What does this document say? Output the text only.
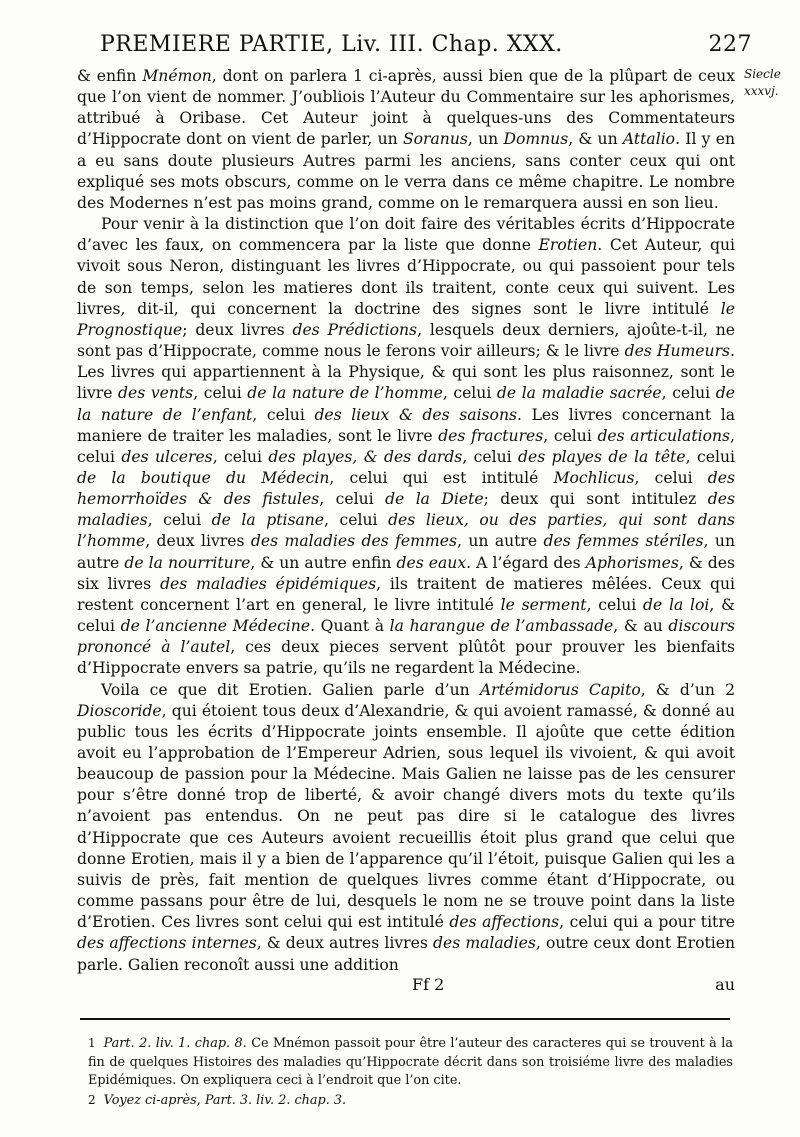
PREMIERE PARTIE, Liv. III. Chap. XXX.	227
Siecle
xxxvj.

& enfin Mnémon, dont on parlera 1 ci-après, aussi bien que de la plûpart de ceux que l’on vient de nommer. J’oubliois l’Auteur du Commentaire sur les aphorismes, attribué à Oribase. Cet Auteur joint à quelques-uns des Commentateurs d’Hippocrate dont on vient de parler, un Soranus, un Domnus, & un Attalio. Il y en a eu sans doute plusieurs Autres parmi les anciens, sans conter ceux qui ont expliqué ses mots obscurs, comme on le verra dans ce même chapitre. Le nombre des Modernes n’est pas moins grand, comme on le remarquera aussi en son lieu.

Pour venir à la distinction que l’on doit faire des véritables écrits d’Hippocrate d’avec les faux, on commencera par la liste que donne Erotien. Cet Auteur, qui vivoit sous Neron, distinguant les livres d’Hippocrate, ou qui passoient pour tels de son temps, selon les matieres dont ils traitent, conte ceux qui suivent. Les livres, dit-il, qui concernent la doctrine des signes sont le livre intitulé le Prognostique; deux livres des Prédictions, lesquels deux derniers, ajoûte-t-il, ne sont pas d’Hippocrate, comme nous le ferons voir ailleurs; & le livre des Humeurs. Les livres qui appartiennent à la Physique, & qui sont les plus raisonnez, sont le livre des vents, celui de la nature de l’homme, celui de la maladie sacrée, celui de la nature de l’enfant, celui des lieux & des saisons. Les livres concernant la maniere de traiter les maladies, sont le livre des fractures, celui des articulations, celui des ulceres, celui des playes, & des dards, celui des playes de la tête, celui de la boutique du Médecin, celui qui est intitulé Mochlicus, celui des hemorrhoïdes & des fistules, celui de la Diete; deux qui sont intitulez des maladies, celui de la ptisane, celui des lieux, ou des parties, qui sont dans l’homme, deux livres des maladies des femmes, un autre des femmes stériles, un autre de la nourriture, & un autre enfin des eaux. A l’égard des Aphorismes, & des six livres des maladies épidémiques, ils traitent de matieres mêlées. Ceux qui restent concernent l’art en general, le livre intitulé le serment, celui de la loi, & celui de l’ancienne Médecine. Quant à la harangue de l’ambassade, & au discours prononcé à l’autel, ces deux pieces servent plûtôt pour prouver les bienfaits d’Hippocrate envers sa patrie, qu’ils ne regardent la Médecine.

Voila ce que dit Erotien. Galien parle d’un Artémidorus Capito, & d’un 2 Dioscoride, qui étoient tous deux d’Alexandrie, & qui avoient ramassé, & donné au public tous les écrits d’Hippocrate joints ensemble. Il ajoûte que cette édition avoit eu l’approbation de l’Empereur Adrien, sous lequel ils vivoient, & qui avoit beaucoup de passion pour la Médecine. Mais Galien ne laisse pas de les censurer pour s’être donné trop de liberté, & avoir changé divers mots du texte qu’ils n’avoient pas entendus. On ne peut pas dire si le catalogue des livres d’Hippocrate que ces Auteurs avoient recueillis étoit plus grand que celui que donne Erotien, mais il y a bien de l’apparence qu’il l’étoit, puisque Galien qui les a suivis de près, fait mention de quelques livres comme étant d’Hippocrate, ou comme passans pour être de lui, desquels le nom ne se trouve point dans la liste d’Erotien. Ces livres sont celui qui est intitulé des affections, celui qui a pour titre des affections internes, & deux autres livres des maladies, outre ceux dont Erotien parle. Galien reconoît aussi une addition

Ff 2	au

1 Part. 2. liv. 1. chap. 8. Ce Mnémon passoit pour être l’auteur des caracteres qui se trouvent à la fin de quelques Histoires des maladies qu’Hippocrate décrit dans son troisiéme livre des maladies Epidémiques. On expliquera ceci à l’endroit que l’on cite.

2 Voyez ci-après, Part. 3. liv. 2. chap. 3.
